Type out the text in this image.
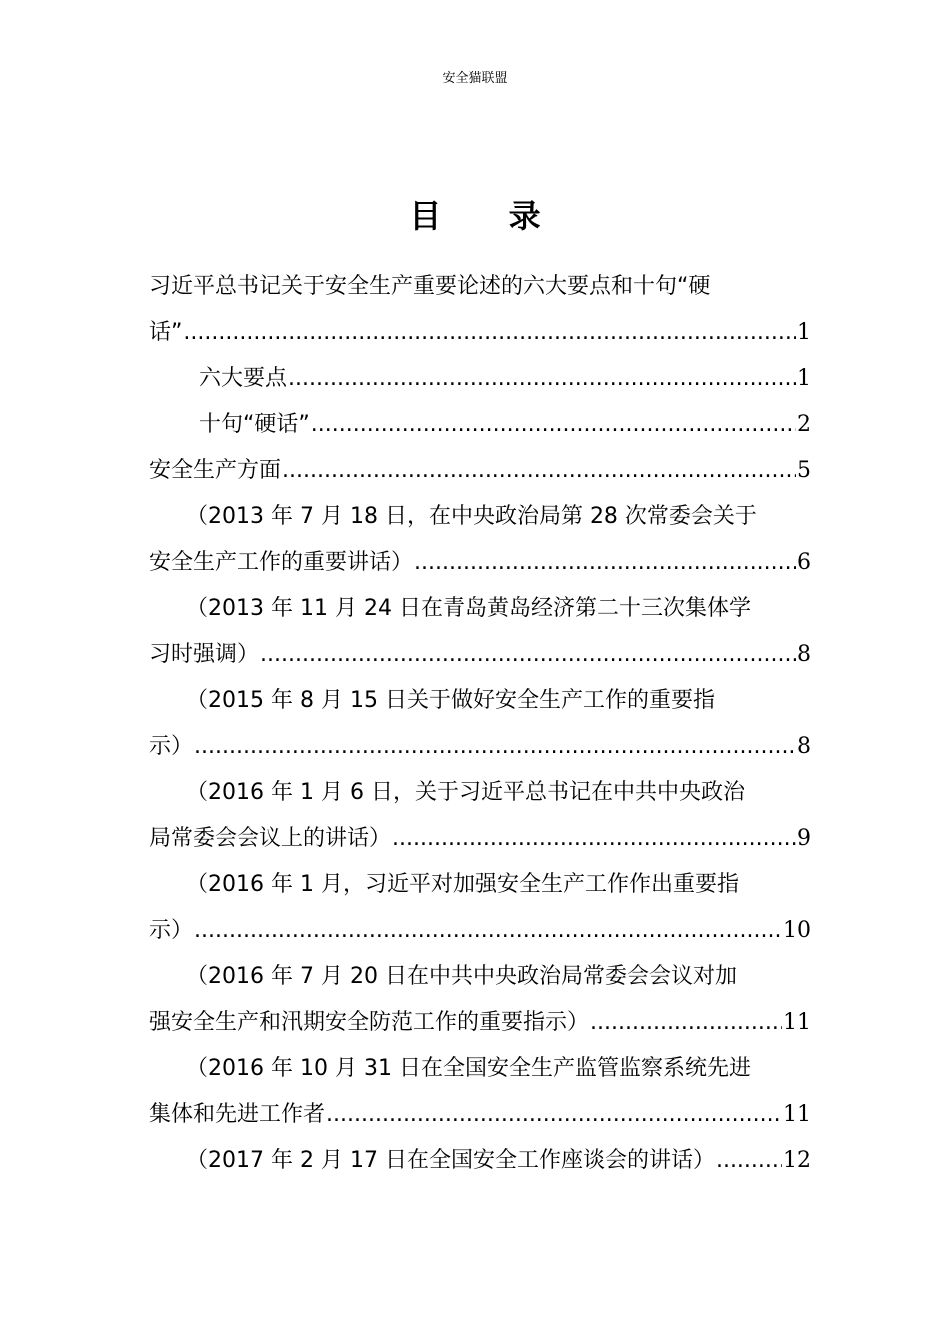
安全猫联盟
目 录
习近平总书记关于安全生产重要论述的六大要点和十句“硬
话” .....	1
六大要点 .....	1
十句“硬话” .....	2
安全生产方面 .....	5
（2013 年 7 月 18 日，在中央政治局第 28 次常委会关于
安全生产工作的重要讲话） .....	6
（2013 年 11 月 24 日在青岛黄岛经济第二十三次集体学
习时强调） .....	8
（2015 年 8 月 15 日关于做好安全生产工作的重要指
示） .....	8
（2016 年 1 月 6 日，关于习近平总书记在中共中央政治
局常委会会议上的讲话） .....	9
（2016 年 1 月，习近平对加强安全生产工作作出重要指
示） .....	10
（2016 年 7 月 20 日在中共中央政治局常委会会议对加
强安全生产和汛期安全防范工作的重要指示） .....	11
（2016 年 10 月 31 日在全国安全生产监管监察系统先进
集体和先进工作者 .....	11
（2017 年 2 月 17 日在全国安全工作座谈会的讲话） .....	12
